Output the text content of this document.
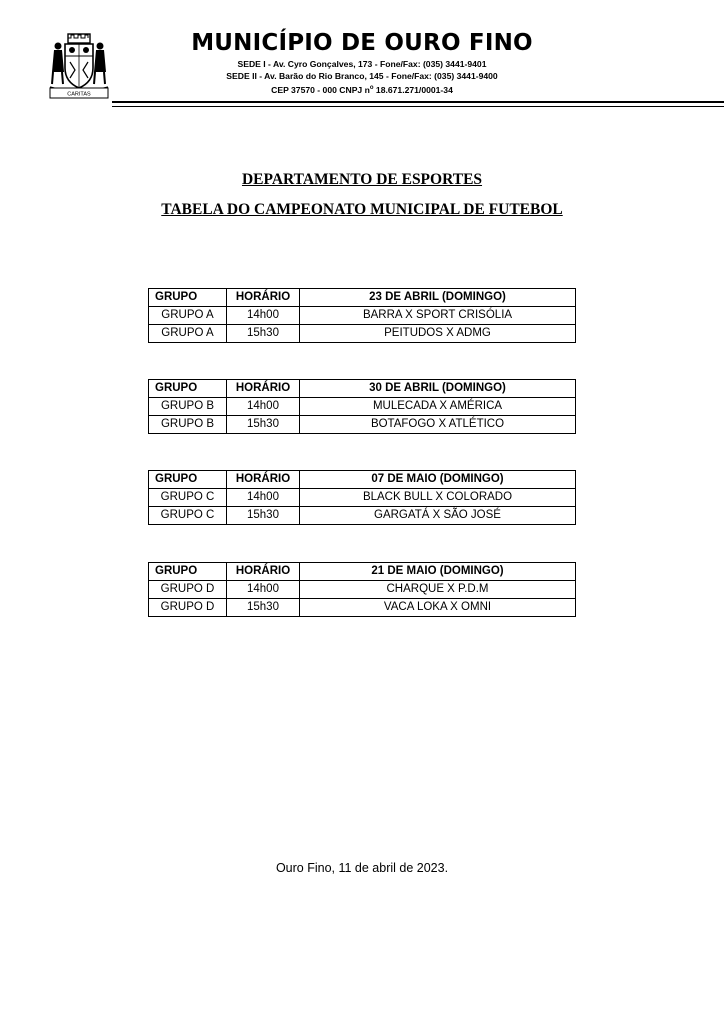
CARITAS
MUNICÍPIO DE OURO FINO
SEDE I - Av. Cyro Gonçalves, 173 - Fone/Fax: (035) 3441-9401
SEDE II - Av. Barão do Rio Branco, 145 - Fone/Fax: (035) 3441-9400
CEP 37570 - 000 CNPJ $n^o$ 18.671.271/0001-34
DEPARTAMENTO DE ESPORTES
TABELA DO CAMPEONATO MUNICIPAL DE FUTEBOL
GRUPO	HORÁRIO	23 DE ABRIL (DOMINGO)
GRUPO A	14h00	BARRA X SPORT CRISÓLIA
GRUPO A	15h30	PEITUDOS X ADMG
GRUPO	HORÁRIO	30 DE ABRIL (DOMINGO)
GRUPO B	14h00	MULECADA X AMÉRICA
GRUPO B	15h30	BOTAFOGO X ATLÉTICO
GRUPO	HORÁRIO	07 DE MAIO (DOMINGO)
GRUPO C	14h00	BLACK BULL X COLORADO
GRUPO C	15h30	GARGATÁ X SÃO JOSÉ
GRUPO	HORÁRIO	21 DE MAIO (DOMINGO)
GRUPO D	14h00	CHARQUE X P.D.M
GRUPO D	15h30	VACA LOKA X OMNI
Ouro Fino, 11 de abril de 2023.
